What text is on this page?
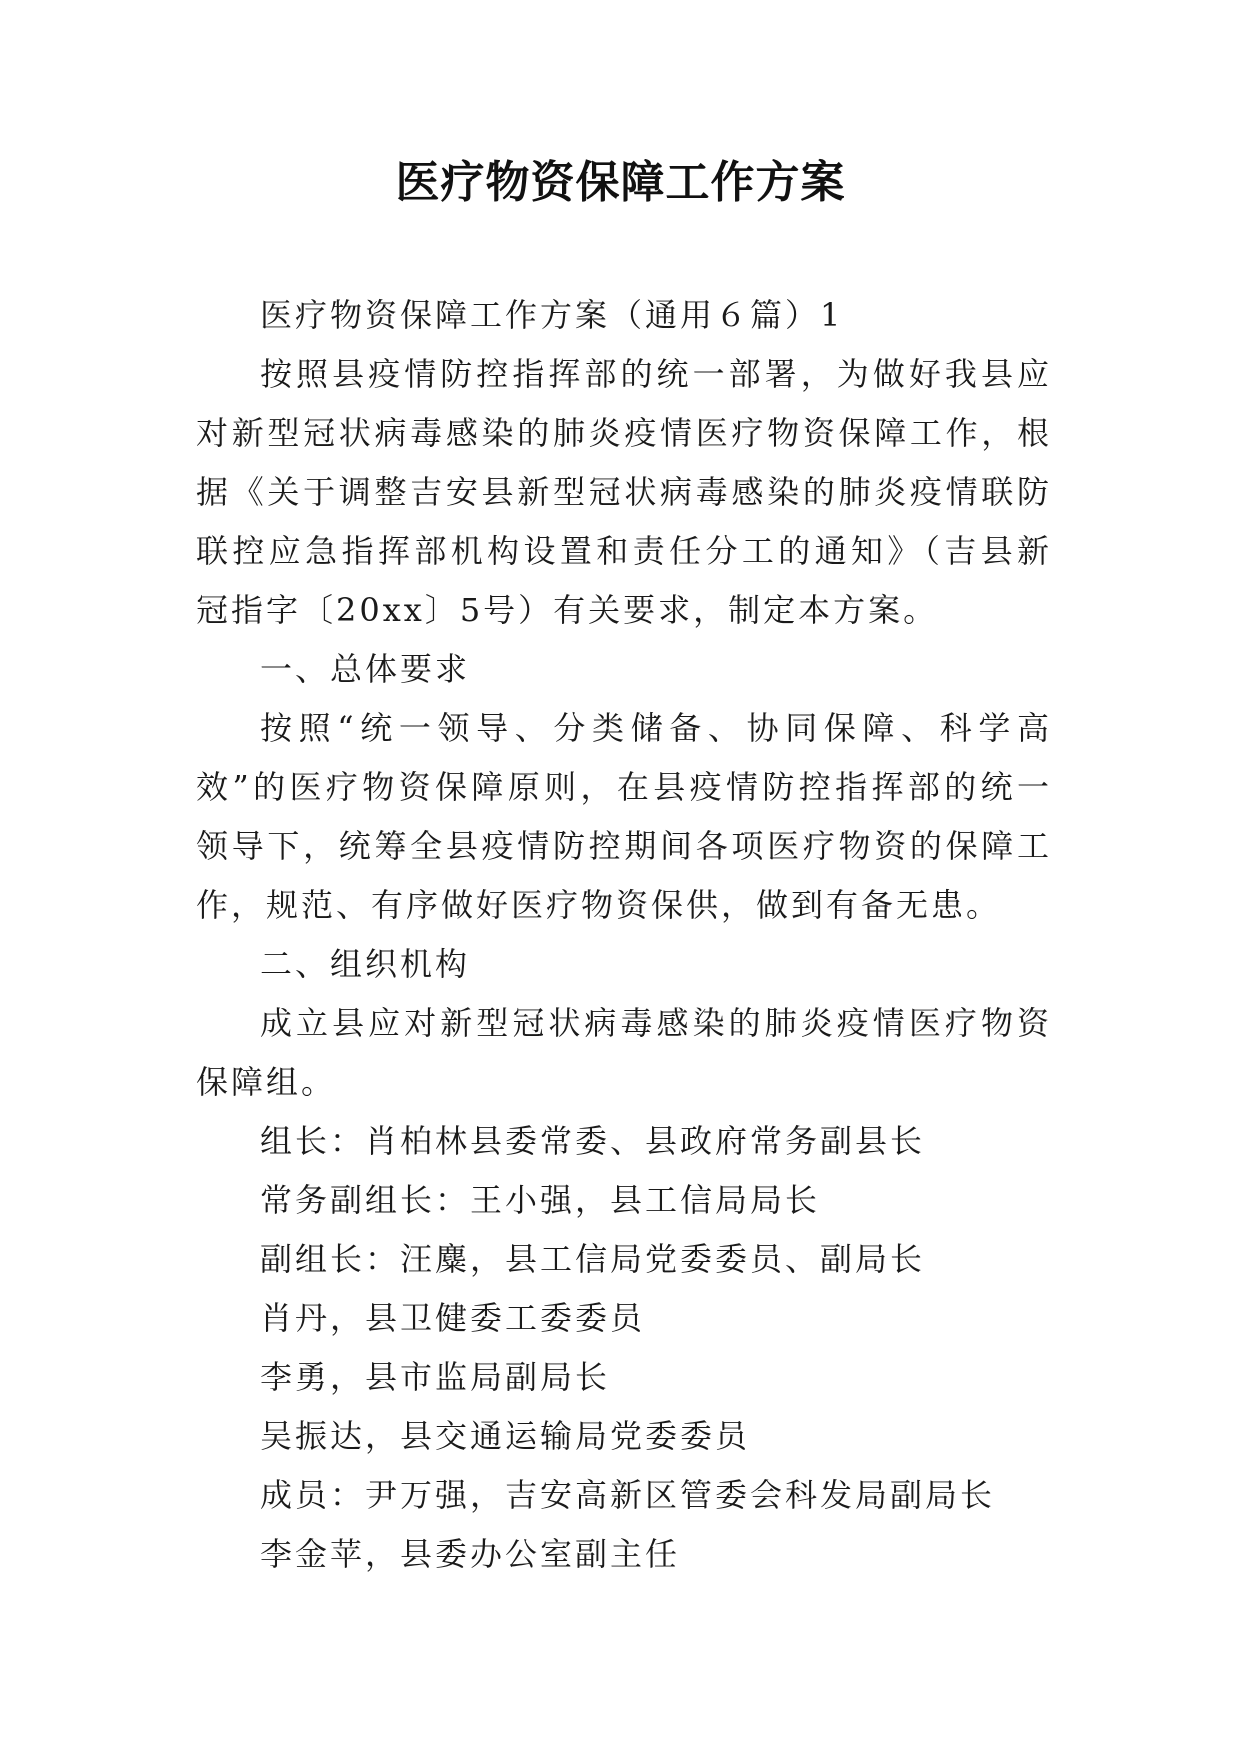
医疗物资保障工作方案

医疗物资保障工作方案（通用６篇）1

按照县疫情防控指挥部的统一部署，为做好我县应对新型冠状病毒感染的肺炎疫情医疗物资保障工作，根据《关于调整吉安县新型冠状病毒感染的肺炎疫情联防联控应急指挥部机构设置和责任分工的通知》（吉县新冠指字〔20xx〕5号）有关要求，制定本方案。

一、总体要求

按照“统一领导、分类储备、协同保障、科学高效”的医疗物资保障原则，在县疫情防控指挥部的统一领导下，统筹全县疫情防控期间各项医疗物资的保障工作，规范、有序做好医疗物资保供，做到有备无患。

二、组织机构

成立县应对新型冠状病毒感染的肺炎疫情医疗物资保障组。

组长：肖柏林县委常委、县政府常务副县长

常务副组长：王小强，县工信局局长

副组长：汪麋，县工信局党委委员、副局长

肖丹，县卫健委工委委员

李勇，县市监局副局长

吴振达，县交通运输局党委委员

成员：尹万强，吉安高新区管委会科发局副局长

李金苹，县委办公室副主任
